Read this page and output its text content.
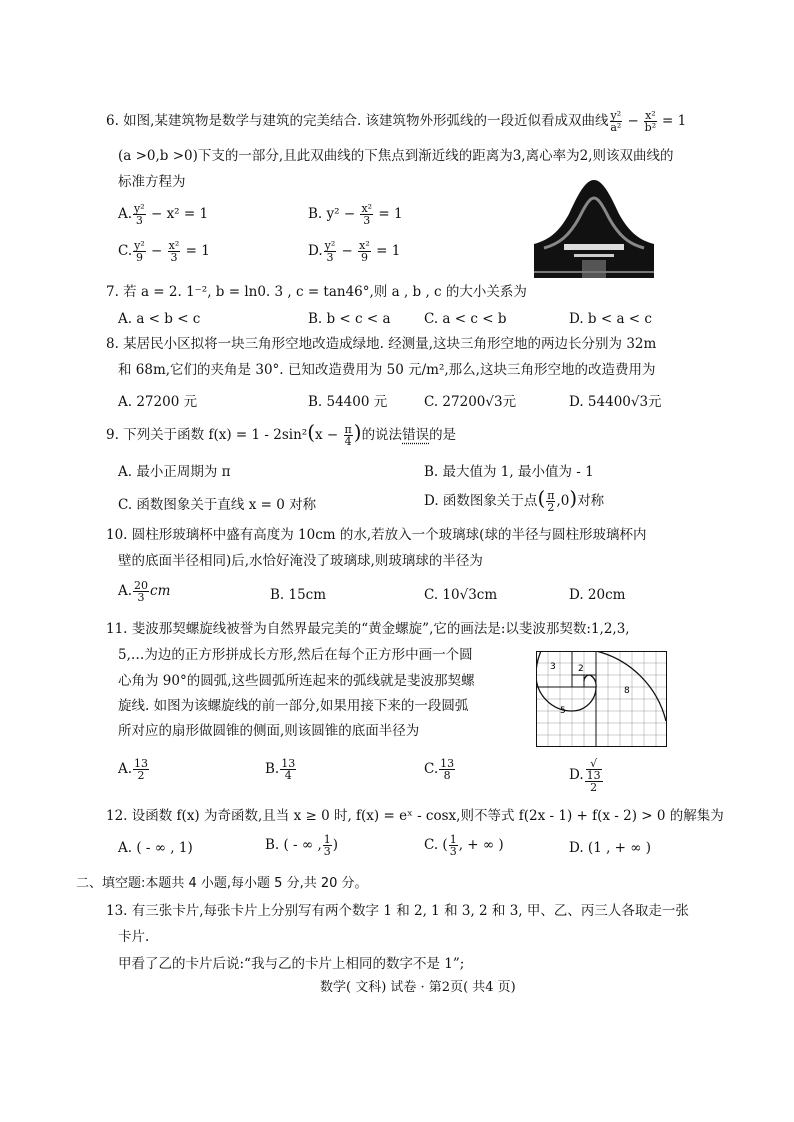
6. 如图,某建筑物是数学与建筑的完美结合. 该建筑物外形弧线的一段近似看成双曲线 $\frac{\text{y²}}{\text{a²}} - \frac{\text{x²}}{\text{b²}} = 1$
(a >0,b >0)下支的一部分,且此双曲线的下焦点到渐近线的距离为3,离心率为2,则该双曲线的
标准方程为
A. $\frac{\text{y²}}{3} - x^2 = 1$	B. $y^2 - \frac{\text{x²}}{3} = 1$
C. $\frac{\text{y²}}{9} - \frac{\text{x²}}{3} = 1$	D. $\frac{\text{y²}}{3} - \frac{\text{x²}}{9} = 1$
7. 若 a = 2. 1⁻², b = ln0. 3 , c = tan46°,则 a , b , c 的大小关系为
A. a < b < c	B. b < c < a C. a < c < b	D. b < a < c
8. 某居民小区拟将一块三角形空地改造成绿地. 经测量,这块三角形空地的两边长分别为 32m
和 68m,它们的夹角是 30°. 已知改造费用为 50 元/m²,那么,这块三角形空地的改造费用为
A. 27200 元	B. 54400 元	C. 27200√3元	D. 54400√3元
9. 下列关于函数 $f(x) = 1 - 2\sin^2(x - \frac{\pi}{4}$ )的说法错误的是
A. 最小正周期为 π	B. 最大值为 1, 最小值为 - 1
C. 函数图象关于直线 x = 0 对称	D. 函数图象关于点( $\frac{\pi}{2} ,0$)对称
10. 圆柱形玻璃杯中盛有高度为 10cm 的水,若放入一个玻璃球(球的半径与圆柱形玻璃杯内
壁的底面半径相同)后,水恰好淹没了玻璃球,则玻璃球的半径为
A. $\frac{20}{3}$ cm	B. 15cm	C. 10√3cm	D. 20cm
11. 斐波那契螺旋线被誉为自然界最完美的“黄金螺旋”,它的画法是:以斐波那契数:1,2,3,
5,…为边的正方形拼成长方形,然后在每个正方形中画一个圆
心角为 90°的圆弧,这些圆弧所连起来的弧线就是斐波那契螺
旋线. 如图为该螺旋线的前一部分,如果用接下来的一段圆弧
所对应的扇形做圆锥的侧面,则该圆锥的底面半径为
3 2
8
5
A. $\frac{13}{2}$	B. $\frac{13}{4}$	C. $\frac{13}{8}$	D. √
13
2
12. 设函数 f(x) 为奇函数,且当 x ≥ 0 时, f(x) = eˣ - cosx,则不等式 f(2x - 1) + f(x - 2) > 0 的解集为
A. ( - ∞ , 1)	B. ( - ∞ , $\frac{1}{3}$ )	C. ( $\frac{1}{3}$ , + ∞ )	D. (1 , + ∞ )
二、填空题:本题共 4 小题,每小题 5 分,共 20 分。
13. 有三张卡片,每张卡片上分别写有两个数字 1 和 2, 1 和 3, 2 和 3, 甲、乙、丙三人各取走一张
卡片.
甲看了乙的卡片后说:“我与乙的卡片上相同的数字不是 1”;
数学( 文科) 试卷 · 第2页( 共4 页)
